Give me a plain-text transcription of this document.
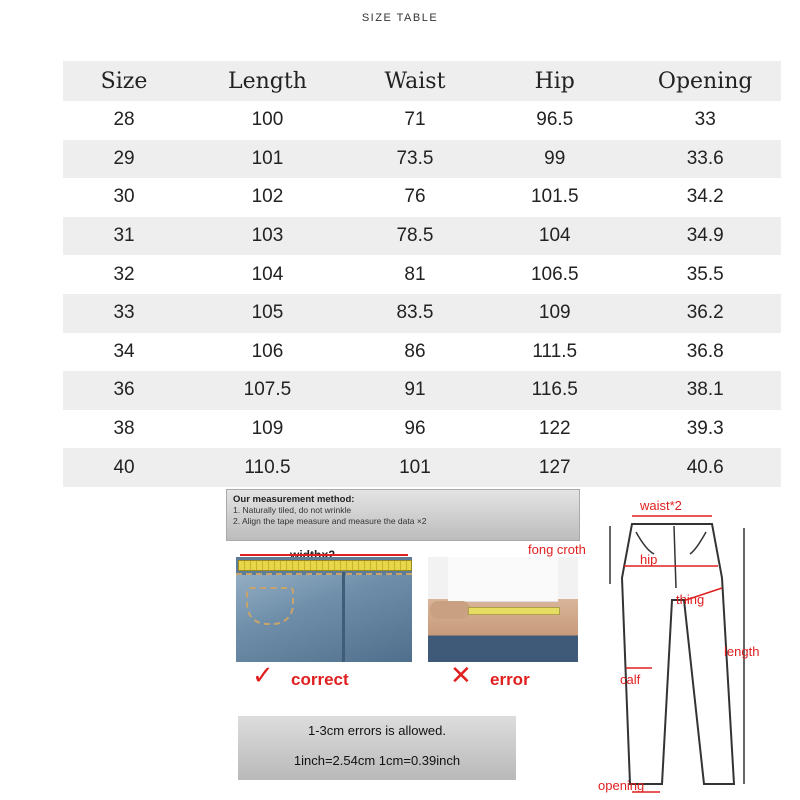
SIZE TABLE
Size	Length	Waist	Hip	Opening
28	100	71	96.5	33
29	101	73.5	99	33.6
30	102	76	101.5	34.2
31	103	78.5	104	34.9
32	104	81	106.5	35.5
33	105	83.5	109	36.2
34	106	86	111.5	36.8
36	107.5	91	116.5	38.1
38	109	96	122	39.3
40	110.5	101	127	40.6
Our measurement method:
1. Naturally tiled, do not wrinkle
2. Align the tape measure and measure the data ×2
✓ correct	✕ error
1-3cm errors is allowed.
1inch=2.54cm 1cm=0.39inch
waist*2
fong croth
hip
thing
length
calf
opening
